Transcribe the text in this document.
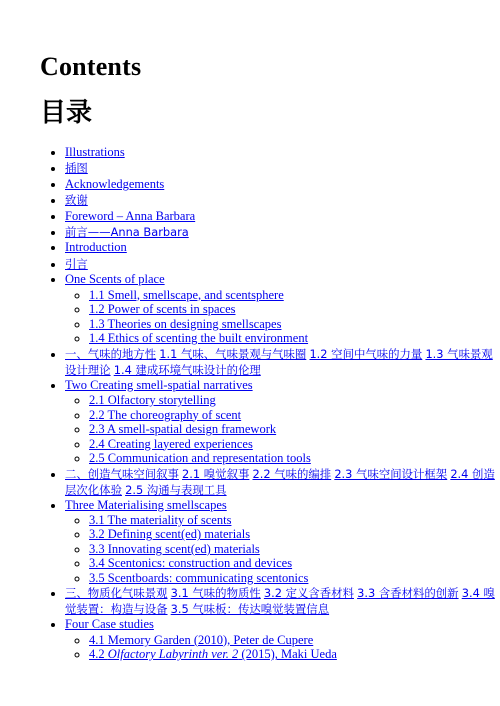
Contents
目录
• Illustrations
• 插图
• Acknowledgements
• 致谢
• Foreword – Anna Barbara
• 前言——Anna Barbara
• Introduction
• 引言
• One Scents of place
◦ 1.1 Smell, smellscape, and scentsphere
◦ 1.2 Power of scents in spaces
◦ 1.3 Theories on designing smellscapes
◦ 1.4 Ethics of scenting the built environment
• 一、气味的地方性 1.1 气味、气味景观与气味圈 1.2 空间中气味的力量 1.3 气味景观设计理论 1.4 建成环境气味设计的伦理
• Two Creating smell-spatial narratives
◦ 2.1 Olfactory storytelling
◦ 2.2 The choreography of scent
◦ 2.3 A smell-spatial design framework
◦ 2.4 Creating layered experiences
◦ 2.5 Communication and representation tools
• 二、创造气味空间叙事 2.1 嗅觉叙事 2.2 气味的编排 2.3 气味空间设计框架 2.4 创造层次化体验 2.5 沟通与表现工具
• Three Materialising smellscapes
◦ 3.1 The materiality of scents
◦ 3.2 Defining scent(ed) materials
◦ 3.3 Innovating scent(ed) materials
◦ 3.4 Scentonics: construction and devices
◦ 3.5 Scentboards: communicating scentonics
• 三、物质化气味景观 3.1 气味的物质性 3.2 定义含香材料 3.3 含香材料的创新 3.4 嗅觉装置：构造与设备 3.5 气味板：传达嗅觉装置信息
• Four Case studies
◦ 4.1 Memory Garden (2010), Peter de Cupere
◦ 4.2 Olfactory Labyrinth ver. 2 (2015), Maki Ueda
